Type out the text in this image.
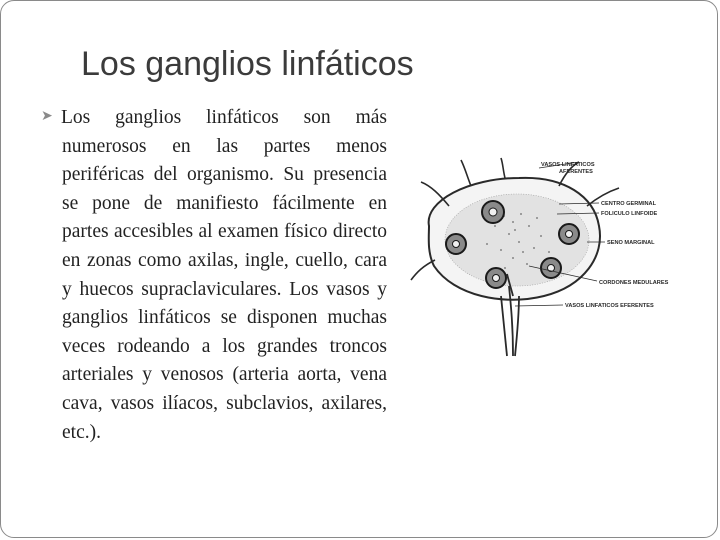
Los ganglios linfáticos
➤ Los ganglios linfáticos son más numerosos en las partes menos periféricas del organismo. Su presencia se pone de manifiesto fácilmente en partes accesibles al examen físico directo en zonas como axilas, ingle, cuello, cara y huecos supraclaviculares. Los vasos y ganglios linfáticos se disponen muchas veces rodeando a los grandes troncos arteriales y venosos (arteria aorta, vena cava, vasos ilíacos, subclavios, axilares, etc.).

VASOS LINFATICOS
AFERENTES
CENTRO GERMINAL
FOLICULO LINFOIDE
SENO MARGINAL
CORDONES MEDULARES
VASOS LINFATICOS EFERENTES
